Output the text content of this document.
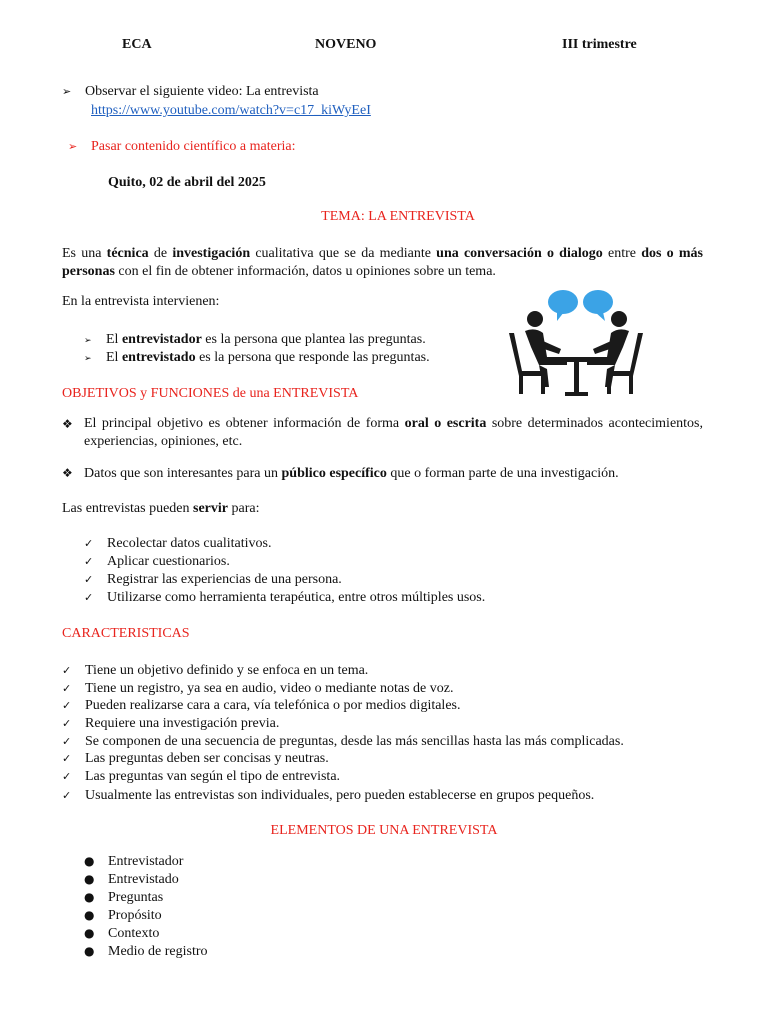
ECA	NOVENO	III trimestre
➢ Observar el siguiente video: La entrevista
https://www.youtube.com/watch?v=c17_kiWyEeI
➢ Pasar contenido científico a materia:
Quito, 02 de abril del 2025
TEMA: LA ENTREVISTA
Es una técnica de investigación cualitativa que se da mediante una conversación o dialogo entre dos o más personas con el fin de obtener información, datos u opiniones sobre un tema.
En la entrevista intervienen:
➢ El entrevistador es la persona que plantea las preguntas.
➢ El entrevistado es la persona que responde las preguntas.
OBJETIVOS y FUNCIONES de una ENTREVISTA
❖ El principal objetivo es obtener información de forma oral o escrita sobre determinados acontecimientos, experiencias, opiniones, etc.
❖ Datos que son interesantes para un público específico que o forman parte de una investigación.
Las entrevistas pueden servir para:
✓ Recolectar datos cualitativos.
✓ Aplicar cuestionarios.
✓ Registrar las experiencias de una persona.
✓ Utilizarse como herramienta terapéutica, entre otros múltiples usos.
CARACTERISTICAS
✓ Tiene un objetivo definido y se enfoca en un tema.
✓ Tiene un registro, ya sea en audio, video o mediante notas de voz.
✓ Pueden realizarse cara a cara, vía telefónica o por medios digitales.
✓ Requiere una investigación previa.
✓ Se componen de una secuencia de preguntas, desde las más sencillas hasta las más complicadas.
✓ Las preguntas deben ser concisas y neutras.
✓ Las preguntas van según el tipo de entrevista.
✓ Usualmente las entrevistas son individuales, pero pueden establecerse en grupos pequeños.
ELEMENTOS DE UNA ENTREVISTA
● Entrevistador
● Entrevistado
● Preguntas
● Propósito
● Contexto
● Medio de registro
